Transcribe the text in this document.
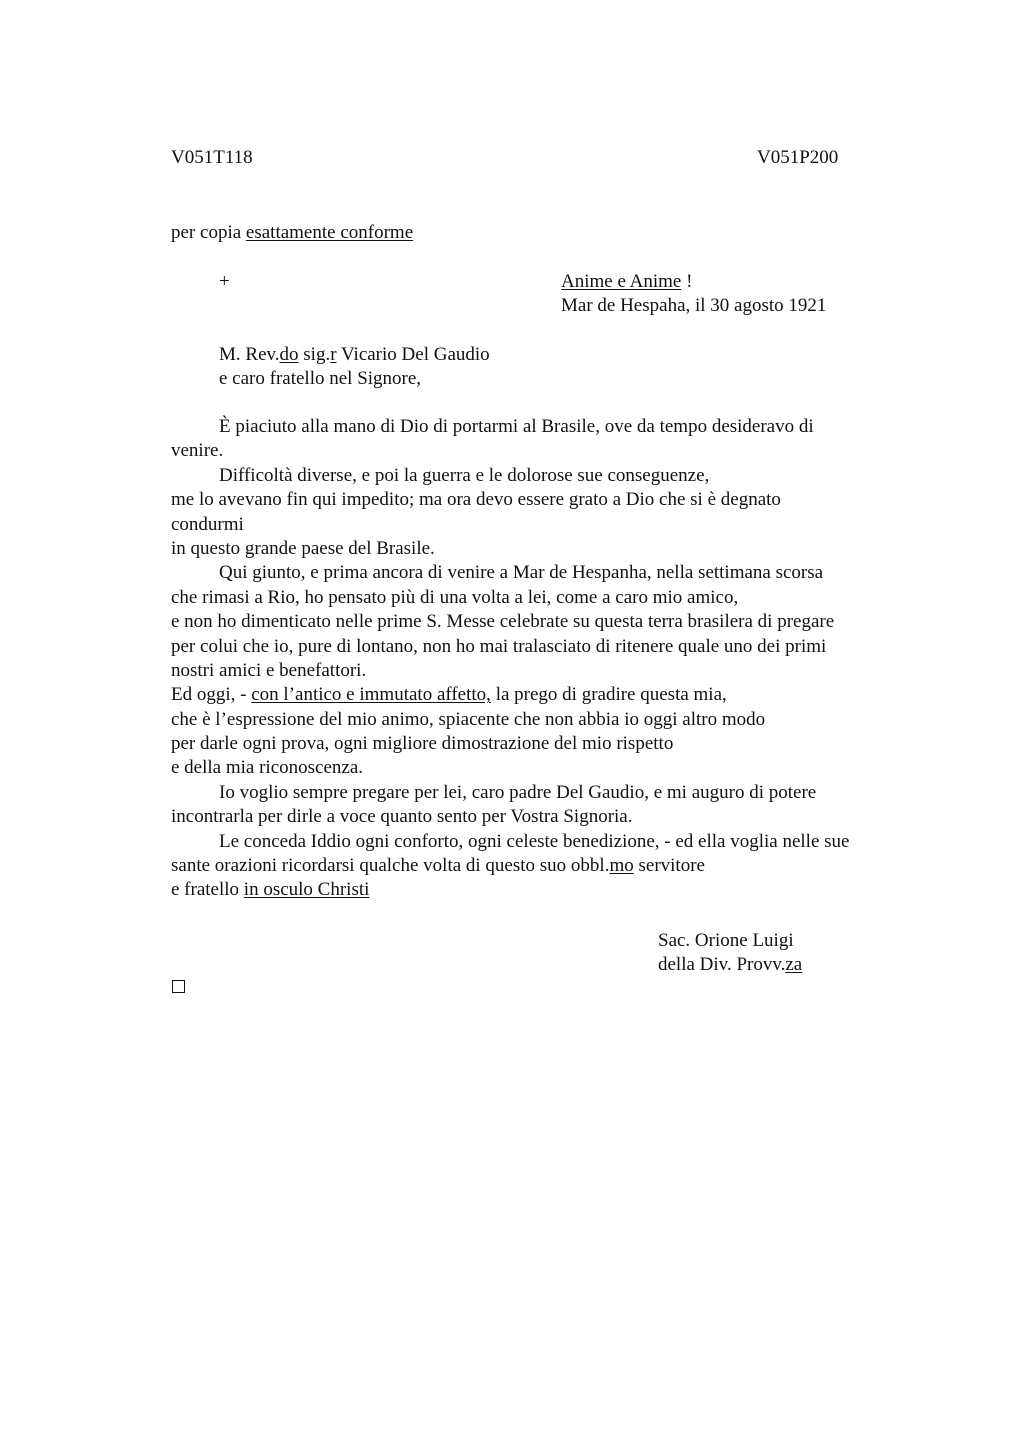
V051T118	V051P200
per copia esattamente conforme
+	Anime e Anime !
Mar de Hespaha, il 30 agosto 1921
M. Rev.do sig.r Vicario Del Gaudio
e caro fratello nel Signore,
È piaciuto alla mano di Dio di portarmi al Brasile, ove da tempo desideravo di
venire.
Difficoltà diverse, e poi la guerra e le dolorose sue conseguenze,
me lo avevano fin qui impedito; ma ora devo essere grato a Dio che si è degnato
condurmi
in questo grande paese del Brasile.
Qui giunto, e prima ancora di venire a Mar de Hespanha, nella settimana scorsa
che rimasi a Rio, ho pensato più di una volta a lei, come a caro mio amico,
e non ho dimenticato nelle prime S. Messe celebrate su questa terra brasilera di pregare
per colui che io, pure di lontano, non ho mai tralasciato di ritenere quale uno dei primi
nostri amici e benefattori.
Ed oggi, - con l’antico e immutato affetto, la prego di gradire questa mia,
che è l’espressione del mio animo, spiacente che non abbia io oggi altro modo
per darle ogni prova, ogni migliore dimostrazione del mio rispetto
e della mia riconoscenza.
Io voglio sempre pregare per lei, caro padre Del Gaudio, e mi auguro di potere
incontrarla per dirle a voce quanto sento per Vostra Signoria.
Le conceda Iddio ogni conforto, ogni celeste benedizione, - ed ella voglia nelle sue
sante orazioni ricordarsi qualche volta di questo suo obbl.mo servitore
e fratello in osculo Christi
Sac. Orione Luigi
della Div. Provv.za
